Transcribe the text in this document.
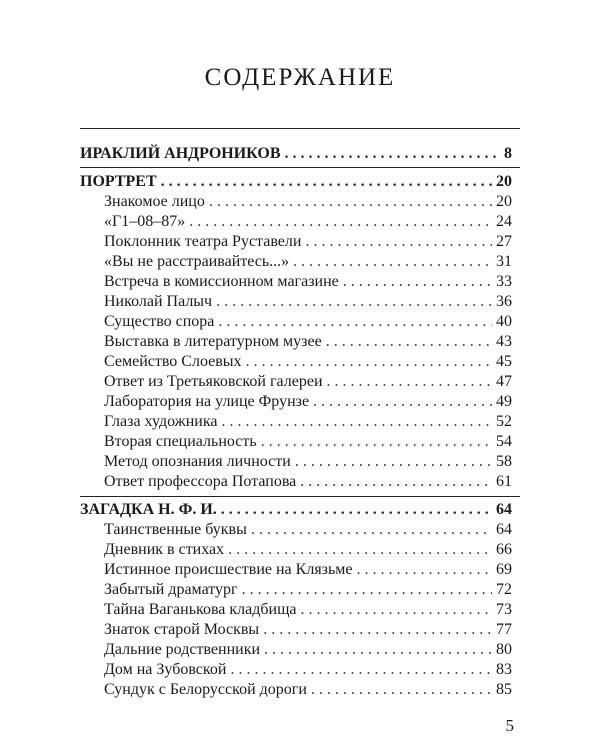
СОДЕРЖАНИЕ
ИРАКЛИЙ АНДРОНИКОВ . . .	8
ПОРТРЕТ . . .	20
Знакомое лицо . . .	20
«Г1–08–87» . . .	24
Поклонник театра Руставели . . .	27
«Вы не расстраивайтесь...» . . .	31
Встреча в комиссионном магазине . . .	33
Николай Палыч . . .	36
Существо спора . . .	40
Выставка в литературном музее . . .	43
Семейство Слоевых . . .	45
Ответ из Третьяковской галереи . . .	47
Лаборатория на улице Фрунзе . . .	49
Глаза художника . . .	52
Вторая специальность . . .	54
Метод опознания личности . . .	58
Ответ профессора Потапова . . .	61
ЗАГАДКА Н. Ф. И. . . .	64
Таинственные буквы . . .	64
Дневник в стихах . . .	66
Истинное происшествие на Клязьме . . .	69
Забытый драматург . . .	72
Тайна Ваганькова кладбища . . .	73
Знаток старой Москвы . . .	77
Дальние родственники . . .	80
Дом на Зубовской . . .	83
Сундук с Белорусской дороги . . .	85
5
